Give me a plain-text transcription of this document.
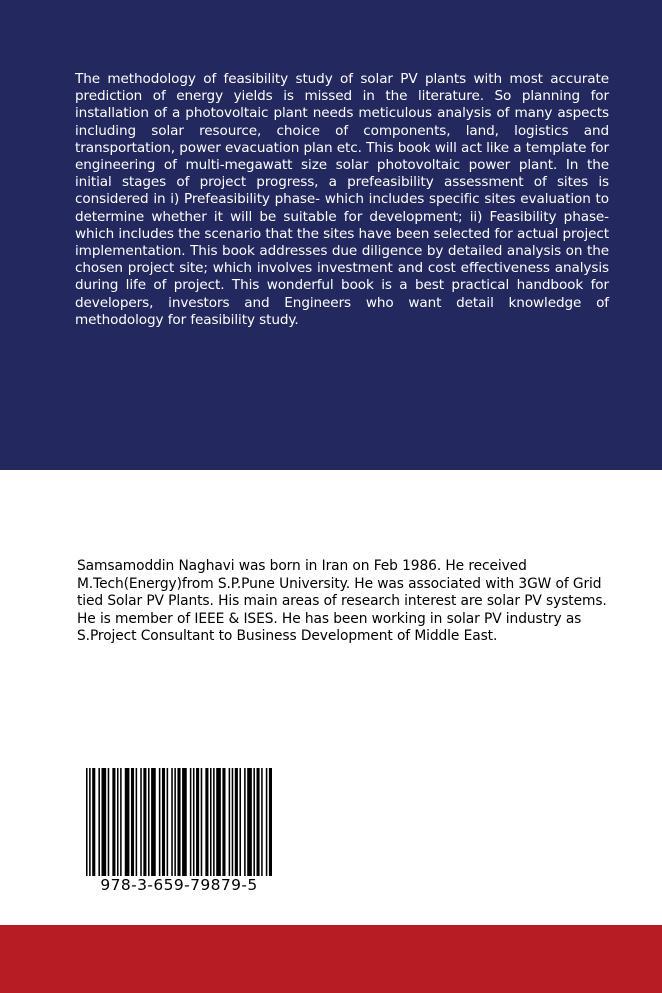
The methodology of feasibility study of solar PV plants with most accurate prediction of energy yields is missed in the literature. So planning for installation of a photovoltaic plant needs meticulous analysis of many aspects including solar resource, choice of components, land, logistics and transportation, power evacuation plan etc. This book will act like a template for engineering of multi-megawatt size solar photovoltaic power plant. In the initial stages of project progress, a prefeasibility assessment of sites is considered in i) Prefeasibility phase- which includes specific sites evaluation to determine whether it will be suitable for development; ii) Feasibility phase- which includes the scenario that the sites have been selected for actual project implementation. This book addresses due diligence by detailed analysis on the chosen project site; which involves investment and cost effectiveness analysis during life of project. This wonderful book is a best practical handbook for developers, investors and Engineers who want detail knowledge of methodology for feasibility study.

Samsamoddin Naghavi was born in Iran on Feb 1986. He received M.Tech(Energy)from S.P.Pune University. He was associated with 3GW of Grid tied Solar PV Plants. His main areas of research interest are solar PV systems. He is member of IEEE & ISES. He has been working in solar PV industry as S.Project Consultant to Business Development of Middle East.

978-3-659-79879-5
